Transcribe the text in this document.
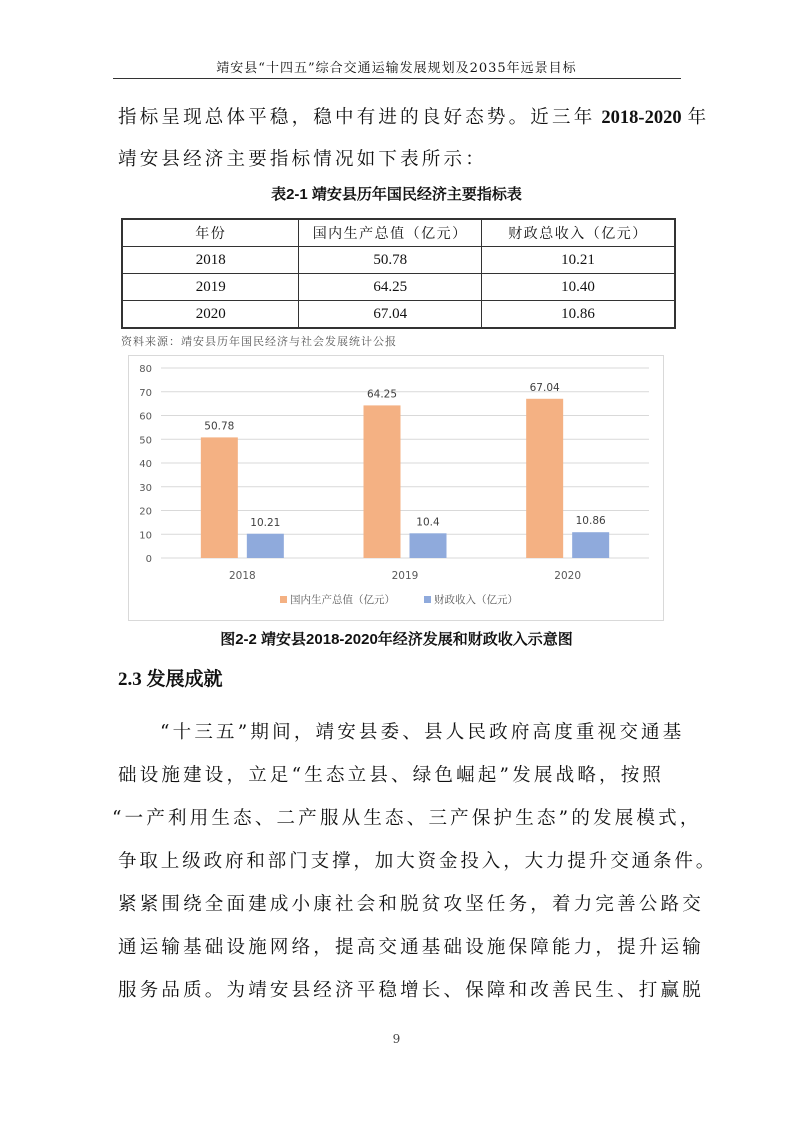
靖安县“十四五”综合交通运输发展规划及2035年远景目标
指标呈现总体平稳，稳中有进的良好态势。近三年 2018-2020 年
靖安县经济主要指标情况如下表所示：
表2-1 靖安县历年国民经济主要指标表
年份	国内生产总值（亿元）	财政总收入（亿元）
2018	50.78	10.21
2019	64.25	10.40
2020	67.04	10.86
资料来源：靖安县历年国民经济与社会发展统计公报
0
10
20
30
40
50
60
70
80
50.78
10.21
2018
64.25
10.4
2019
67.04
10.86
2020
国内生产总值（亿元）	财政收入（亿元）
图2-2 靖安县2018-2020年经济发展和财政收入示意图
2.3 发展成就
“十三五”期间，靖安县委、县人民政府高度重视交通基
础设施建设，立足“生态立县、绿色崛起”发展战略，按照
“一产利用生态、二产服从生态、三产保护生态”的发展模式，
争取上级政府和部门支撑，加大资金投入，大力提升交通条件。
紧紧围绕全面建成小康社会和脱贫攻坚任务，着力完善公路交
通运输基础设施网络，提高交通基础设施保障能力，提升运输
服务品质。为靖安县经济平稳增长、保障和改善民生、打赢脱
9
